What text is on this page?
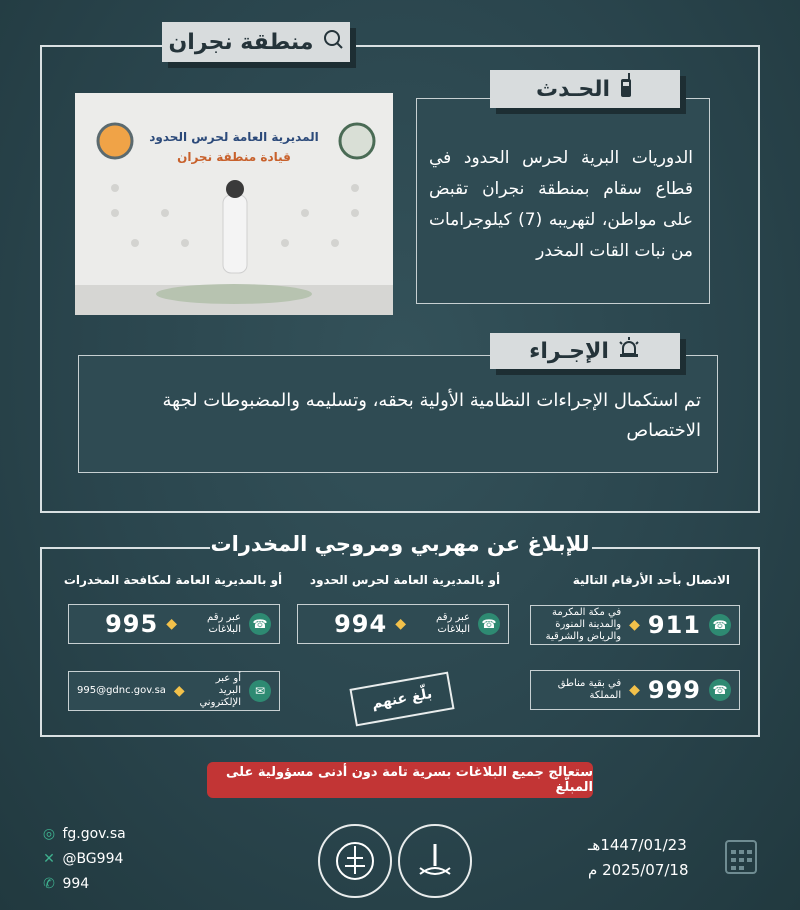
منطقة نجران
المديرية العامة لحرس الحدود
قيادة منطقة نجران	الدوريات البرية لحرس الحدود في قطاع سقام بمنطقة نجران تقبض على مواطن، لتهريبه (7) كيلوجرامات من نبات القات المخدر
الحـدث
تم استكمال الإجراءات النظامية الأولية بحقه، وتسليمه والمضبوطات لجهة الاختصاص
الإجـراء
للإبلاغ عن مهربي ومروجي المخدرات
الاتصال بأحد الأرقام التالية
أو بالمديرية العامة لحرس الحدود
أو بالمديرية العامة لمكافحة المخدرات
☎
911
◆
في مكة المكرمة والمدينة المنورة والرياض والشرقية
☎
999
◆
في بقية مناطق المملكة
☎
عبر رقم البلاغات
◆
994
بلّغ عنهم
☎
عبر رقم البلاغات
◆
995
✉
أو عبر البريد الإلكتروني
◆
995@gdnc.gov.sa
ستعالج جميع البلاغات بسرية تامة دون أدنى مسؤولية على المبلّغ
◎ fg.gov.sa
✕ @BG994
✆ 994
1447/01/23هـ
2025/07/18 م
